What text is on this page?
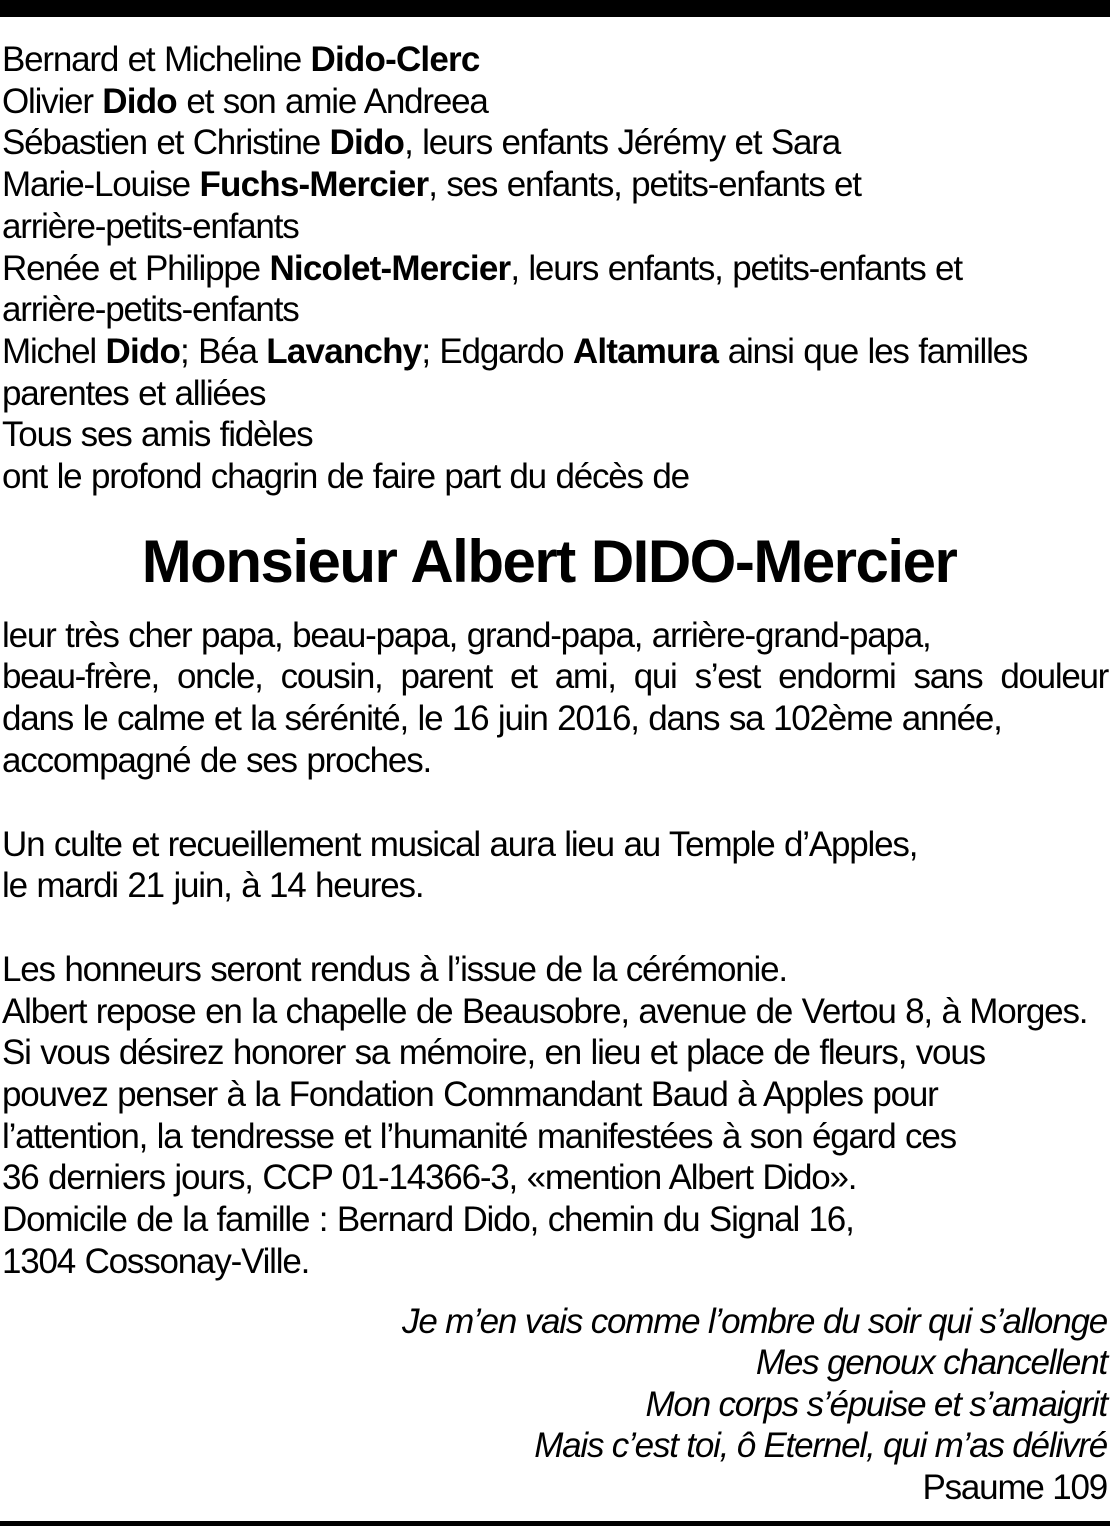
Bernard et Micheline Dido-Clerc
Olivier Dido et son amie Andreea
Sébastien et Christine Dido, leurs enfants Jérémy et Sara
Marie-Louise Fuchs-Mercier, ses enfants, petits-enfants et
arrière-petits-enfants
Renée et Philippe Nicolet-Mercier, leurs enfants, petits-enfants et
arrière-petits-enfants
Michel Dido; Béa Lavanchy; Edgardo Altamura ainsi que les familles
parentes et alliées
Tous ses amis fidèles
ont le profond chagrin de faire part du décès de
Monsieur Albert DIDO-Mercier
leur très cher papa, beau-papa, grand-papa, arrière-grand-papa,
beau-frère, oncle, cousin, parent et ami, qui s’est endormi sans douleur
dans le calme et la sérénité, le 16 juin 2016, dans sa 102ème année,
accompagné de ses proches.
Un culte et recueillement musical aura lieu au Temple d’Apples,
le mardi 21 juin, à 14 heures.
Les honneurs seront rendus à l’issue de la cérémonie.
Albert repose en la chapelle de Beausobre, avenue de Vertou 8, à Morges.
Si vous désirez honorer sa mémoire, en lieu et place de fleurs, vous
pouvez penser à la Fondation Commandant Baud à Apples pour
l’attention, la tendresse et l’humanité manifestées à son égard ces
36 derniers jours, CCP 01-14366-3, «mention Albert Dido».
Domicile de la famille : Bernard Dido, chemin du Signal 16,
1304 Cossonay-Ville.
Je m’en vais comme l’ombre du soir qui s’allonge
Mes genoux chancellent
Mon corps s’épuise et s’amaigrit
Mais c’est toi, ô Eternel, qui m’as délivré
Psaume 109
